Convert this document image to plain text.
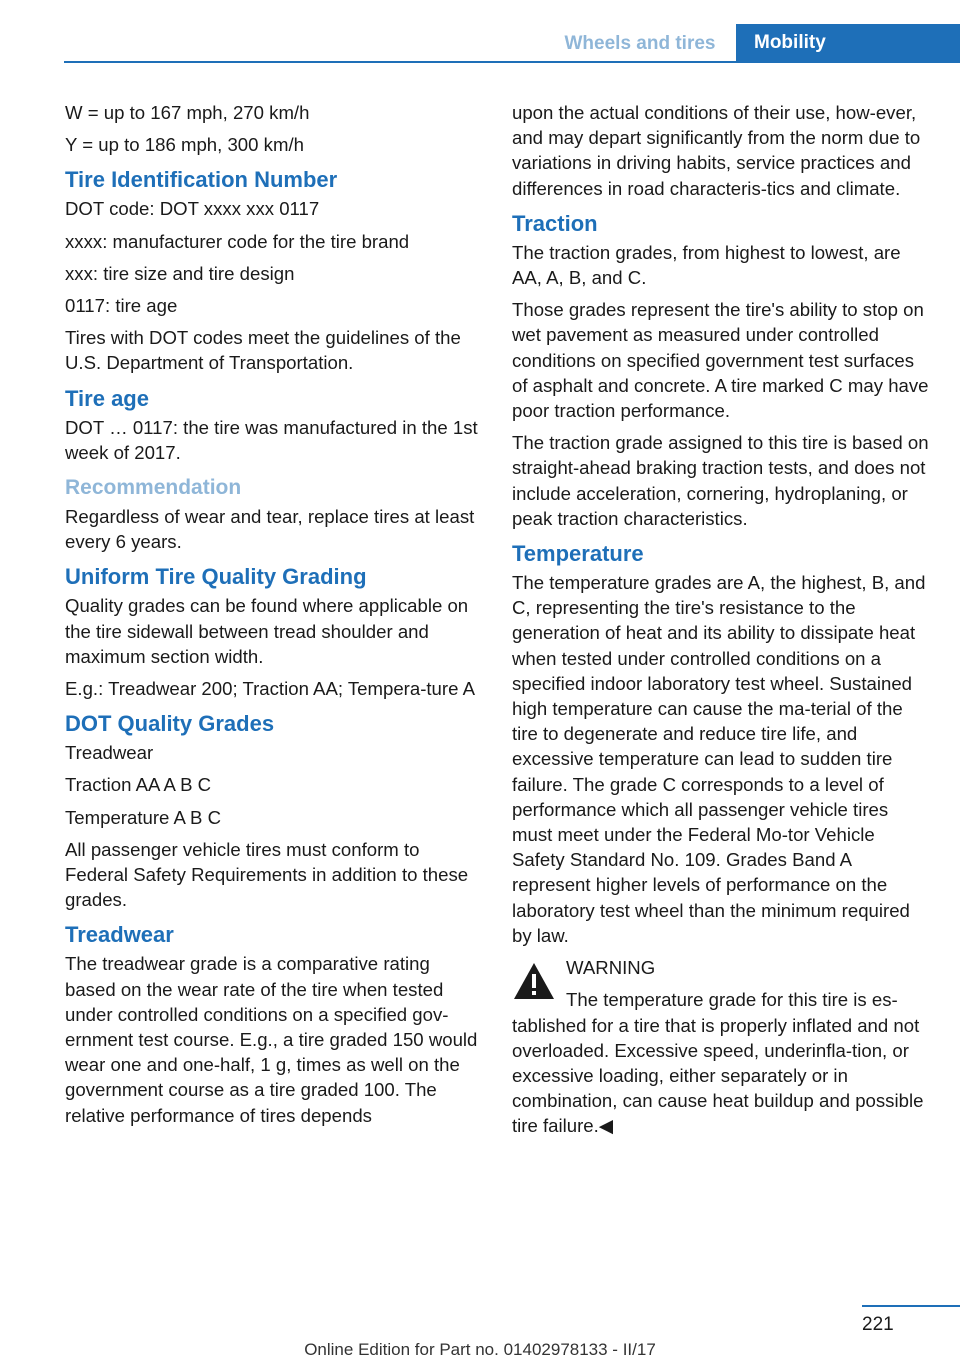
Wheels and tires	Mobility

W = up to 167 mph, 270 km/h

Y = up to 186 mph, 300 km/h

Tire Identification Number

DOT code: DOT xxxx xxx 0117

xxxx: manufacturer code for the tire brand

xxx: tire size and tire design

0117: tire age

Tires with DOT codes meet the guidelines of the U.S. Department of Transportation.

Tire age

DOT … 0117: the tire was manufactured in the 1st week of 2017.

Recommendation

Regardless of wear and tear, replace tires at least every 6 years.

Uniform Tire Quality Grading

Quality grades can be found where applicable on the tire sidewall between tread shoulder and maximum section width.

E.g.: Treadwear 200; Traction AA; Tempera‐ture A

DOT Quality Grades

Treadwear

Traction AA A B C

Temperature A B C

All passenger vehicle tires must conform to Federal Safety Requirements in addition to these grades.

Treadwear

The treadwear grade is a comparative rating based on the wear rate of the tire when tested under controlled conditions on a specified gov‐ernment test course. E.g., a tire graded 150 would wear one and one-half, 1 g, times as well on the government course as a tire graded 100. The relative performance of tires depends

upon the actual conditions of their use, how‐ever, and may depart significantly from the norm due to variations in driving habits, service practices and differences in road characteris‐tics and climate.

Traction

The traction grades, from highest to lowest, are AA, A, B, and C.

Those grades represent the tire's ability to stop on wet pavement as measured under controlled conditions on specified government test surfaces of asphalt and concrete. A tire marked C may have poor traction performance.

The traction grade assigned to this tire is based on straight-ahead braking traction tests, and does not include acceleration, cornering, hydroplaning, or peak traction characteristics.

Temperature

The temperature grades are A, the highest, B, and C, representing the tire's resistance to the generation of heat and its ability to dissipate heat when tested under controlled conditions on a specified indoor laboratory test wheel. Sustained high temperature can cause the ma‐terial of the tire to degenerate and reduce tire life, and excessive temperature can lead to sudden tire failure. The grade C corresponds to a level of performance which all passenger vehicle tires must meet under the Federal Mo‐tor Vehicle Safety Standard No. 109. Grades Band A represent higher levels of performance on the laboratory test wheel than the minimum required by law.

WARNING

The temperature grade for this tire is es‐tablished for a tire that is properly inflated and not overloaded. Excessive speed, underinfla‐tion, or excessive loading, either separately or in combination, can cause heat buildup and possible tire failure.◀

221
Online Edition for Part no. 01402978133 - II/17
